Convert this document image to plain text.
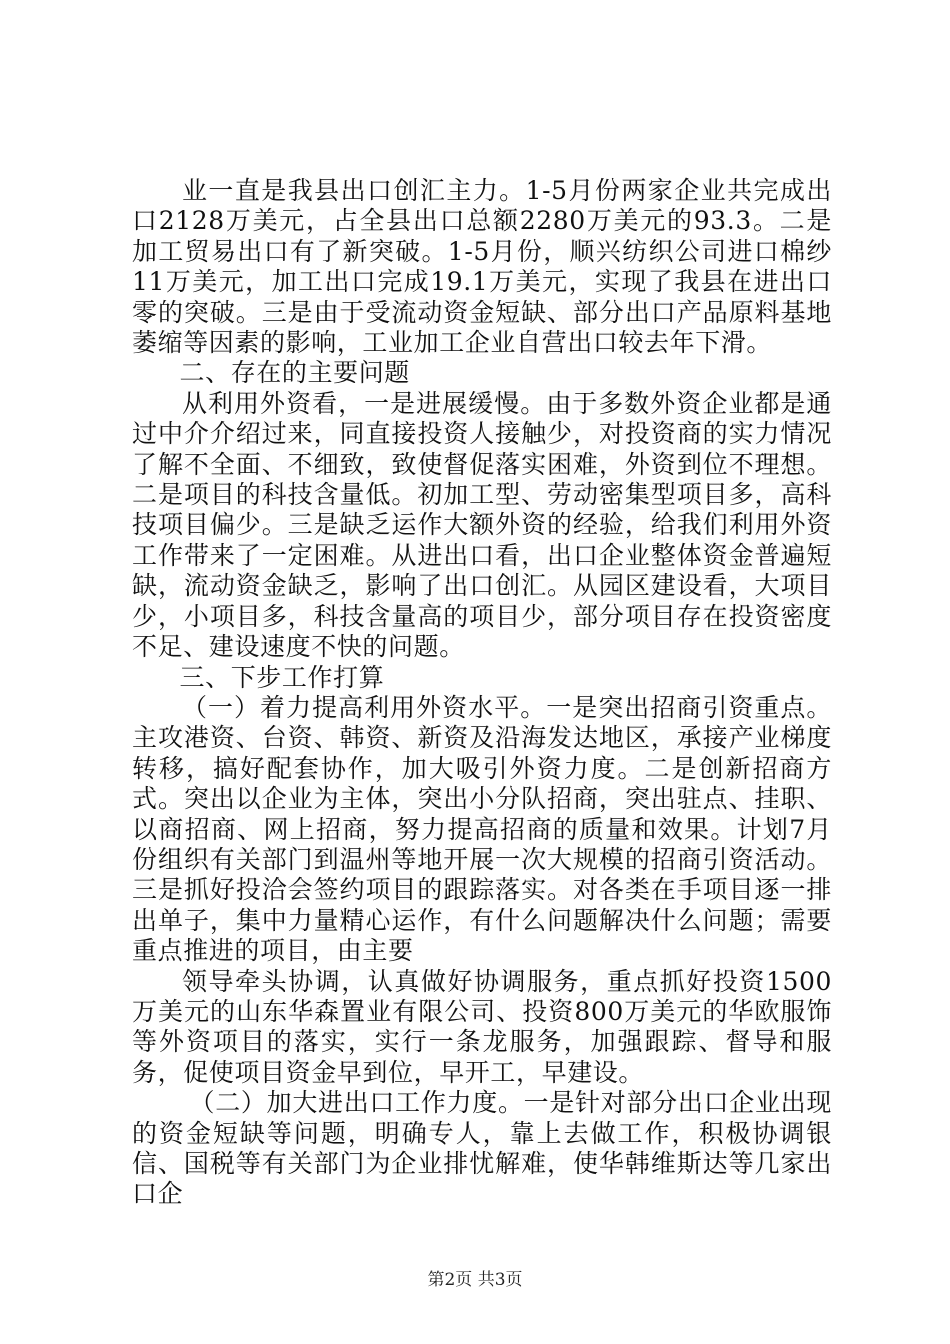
业一直是我县出口创汇主力。1-5月份两家企业共完成出口2128万美元，占全县出口总额2280万美元的93.3。二是加工贸易出口有了新突破。1-5月份，顺兴纺织公司进口棉纱11万美元，加工出口完成19.1万美元，实现了我县在进出口零的突破。三是由于受流动资金短缺、部分出口产品原料基地萎缩等因素的影响，工业加工企业自营出口较去年下滑。

二、存在的主要问题

从利用外资看，一是进展缓慢。由于多数外资企业都是通过中介介绍过来，同直接投资人接触少，对投资商的实力情况了解不全面、不细致，致使督促落实困难，外资到位不理想。二是项目的科技含量低。初加工型、劳动密集型项目多，高科技项目偏少。三是缺乏运作大额外资的经验，给我们利用外资工作带来了一定困难。从进出口看，出口企业整体资金普遍短缺，流动资金缺乏，影响了出口创汇。从园区建设看，大项目少，小项目多，科技含量高的项目少，部分项目存在投资密度不足、建设速度不快的问题。

三、下步工作打算

（一）着力提高利用外资水平。一是突出招商引资重点。主攻港资、台资、韩资、新资及沿海发达地区，承接产业梯度转移，搞好配套协作，加大吸引外资力度。二是创新招商方式。突出以企业为主体，突出小分队招商，突出驻点、挂职、以商招商、网上招商，努力提高招商的质量和效果。计划7月份组织有关部门到温州等地开展一次大规模的招商引资活动。三是抓好投洽会签约项目的跟踪落实。对各类在手项目逐一排出单子，集中力量精心运作，有什么问题解决什么问题；需要重点推进的项目，由主要

领导牵头协调，认真做好协调服务，重点抓好投资1500万美元的山东华森置业有限公司、投资800万美元的华欧服饰等外资项目的落实，实行一条龙服务，加强跟踪、督导和服务，促使项目资金早到位，早开工，早建设。

（二）加大进出口工作力度。一是针对部分出口企业出现的资金短缺等问题，明确专人，靠上去做工作，积极协调银信、国税等有关部门为企业排忧解难，使华韩维斯达等几家出口企

第2页 共3页
